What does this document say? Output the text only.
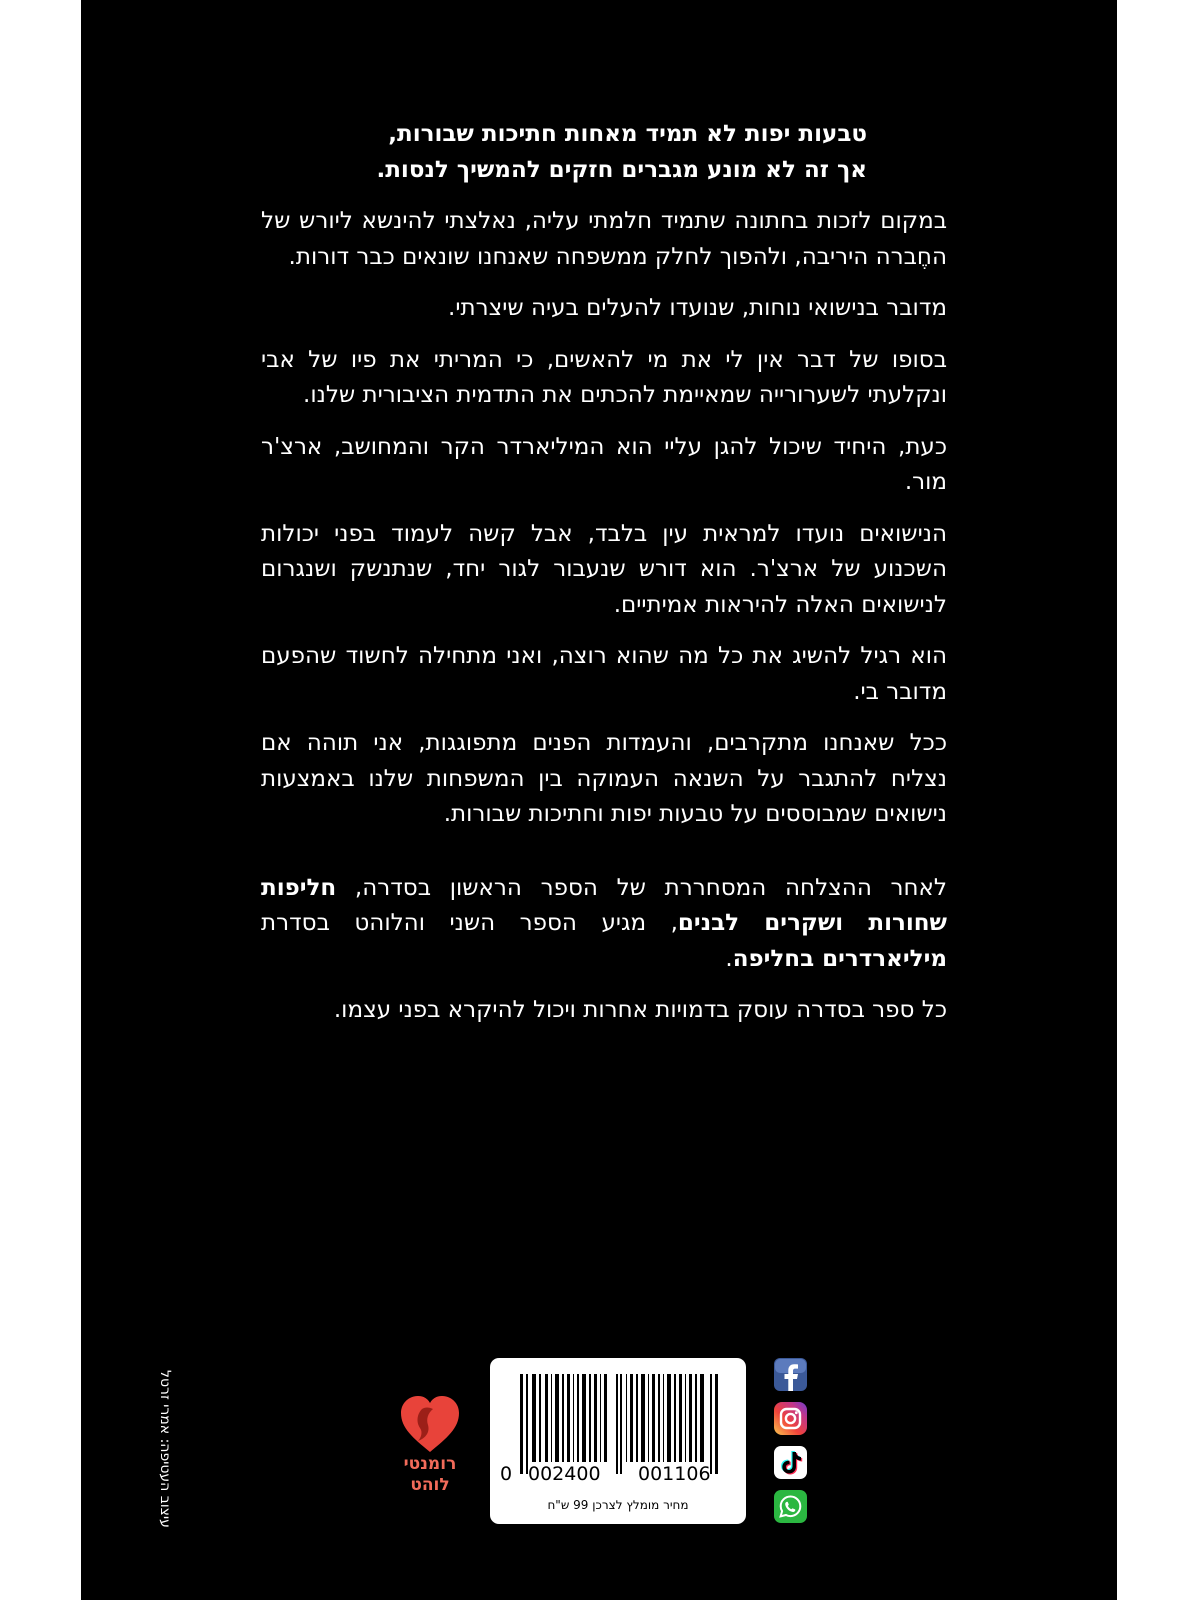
טבעות יפות לא תמיד מאחות חתיכות שבורות,
אך זה לא מונע מגברים חזקים להמשיך לנסות.

במקום לזכות בחתונה שתמיד חלמתי עליה, נאלצתי להינשא ליורש של החֶברה היריבה, ולהפוך לחלק ממשפחה שאנחנו שונאים כבר דורות.

מדובר בנישואי נוחות, שנועדו להעלים בעיה שיצרתי.

בסופו של דבר אין לי את מי להאשים, כי המריתי את פיו של אבי ונקלעתי לשערורייה שמאיימת להכתים את התדמית הציבורית שלנו.

כעת, היחיד שיכול להגן עליי הוא המיליארדר הקר והמחושב, ארצ'ר מור.

הנישואים נועדו למראית עין בלבד, אבל קשה לעמוד בפני יכולות השכנוע של ארצ'ר. הוא דורש שנעבור לגור יחד, שנתנשק ושנגרום לנישואים האלה להיראות אמיתיים.

הוא רגיל להשיג את כל מה שהוא רוצה, ואני מתחילה לחשוד שהפעם מדובר בי.

ככל שאנחנו מתקרבים, והעמדות הפנים מתפוגגות, אני תוהה אם נצליח להתגבר על השנאה העמוקה בין המשפחות שלנו באמצעות נישואים שמבוססים על טבעות יפות וחתיכות שבורות.

לאחר ההצלחה המסחררת של הספר הראשון בסדרה, חליפות שחורות ושקרים לבנים, מגיע הספר השני והלוהט בסדרת מיליארדרים בחליפה.

כל ספר בסדרה עוסק בדמויות אחרות ויכול להיקרא בפני עצמו.

עיצוב העטיפה: אמרי זרטל	רומנטי
לוהט	0 002400 001106
מחיר מומלץ לצרכן 99 ש"ח
